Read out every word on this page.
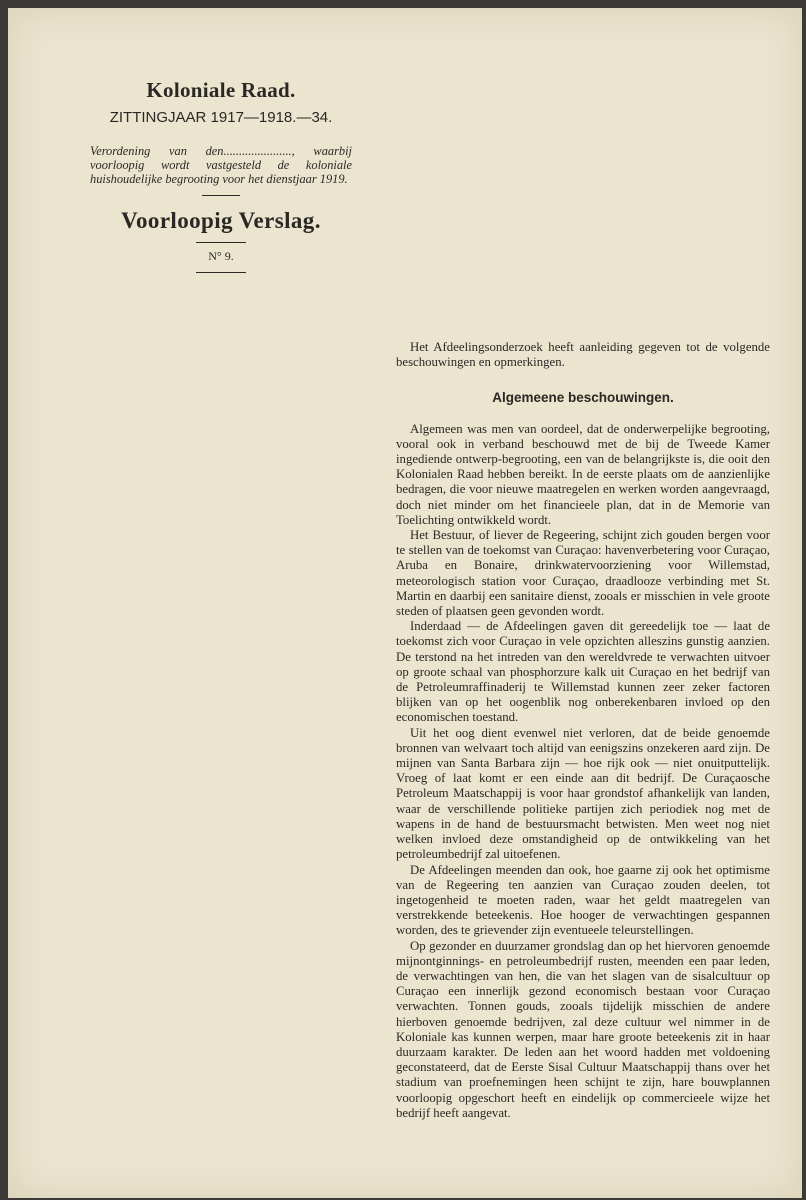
Koloniale Raad.
ZITTINGJAAR 1917—1918.—34.
Verordening van den......................, waarbij voorloopig wordt vastgesteld de koloniale huishoudelijke begrooting voor het dienstjaar 1919.
Voorloopig Verslag.
N° 9.

Het Afdeelingsonderzoek heeft aanleiding gegeven tot de volgende beschouwingen en opmerkingen.

Algemeene beschouwingen.

Algemeen was men van oordeel, dat de onderwerpelijke begrooting, vooral ook in verband beschouwd met de bij de Tweede Kamer ingediende ontwerp-begrooting, een van de belangrijkste is, die ooit den Kolonialen Raad hebben bereikt. In de eerste plaats om de aanzienlijke bedragen, die voor nieuwe maatregelen en werken worden aangevraagd, doch niet minder om het financieele plan, dat in de Memorie van Toelichting ontwikkeld wordt.

Het Bestuur, of liever de Regeering, schijnt zich gouden bergen voor te stellen van de toekomst van Curaçao: havenverbetering voor Curaçao, Aruba en Bonaire, drinkwatervoorziening voor Willemstad, meteorologisch station voor Curaçao, draadlooze verbinding met St. Martin en daarbij een sanitaire dienst, zooals er misschien in vele groote steden of plaatsen geen gevonden wordt.

Inderdaad — de Afdeelingen gaven dit gereedelijk toe — laat de toekomst zich voor Curaçao in vele opzichten alleszins gunstig aanzien. De terstond na het intreden van den wereldvrede te verwachten uitvoer op groote schaal van phosphorzure kalk uit Curaçao en het bedrijf van de Petroleumraffinaderij te Willemstad kunnen zeer zeker factoren blijken van op het oogenblik nog onberekenbaren invloed op den economischen toestand.

Uit het oog dient evenwel niet verloren, dat de beide genoemde bronnen van welvaart toch altijd van eenigszins onzekeren aard zijn. De mijnen van Santa Barbara zijn — hoe rijk ook — niet onuitputtelijk. Vroeg of laat komt er een einde aan dit bedrijf. De Curaçaosche Petroleum Maatschappij is voor haar grondstof afhankelijk van landen, waar de verschillende politieke partijen zich periodiek nog met de wapens in de hand de bestuursmacht betwisten. Men weet nog niet welken invloed deze omstandigheid op de ontwikkeling van het petroleumbedrijf zal uitoefenen.

De Afdeelingen meenden dan ook, hoe gaarne zij ook het optimisme van de Regeering ten aanzien van Curaçao zouden deelen, tot ingetogenheid te moeten raden, waar het geldt maatregelen van verstrekkende beteekenis. Hoe hooger de verwachtingen gespannen worden, des te grievender zijn eventueele teleurstellingen.

Op gezonder en duurzamer grondslag dan op het hiervoren genoemde mijnontginnings- en petroleumbedrijf rusten, meenden een paar leden, de verwachtingen van hen, die van het slagen van de sisalcultuur op Curaçao een innerlijk gezond economisch bestaan voor Curaçao verwachten. Tonnen gouds, zooals tijdelijk misschien de andere hierboven genoemde bedrijven, zal deze cultuur wel nimmer in de Koloniale kas kunnen werpen, maar hare groote beteekenis zit in haar duurzaam karakter. De leden aan het woord hadden met voldoening geconstateerd, dat de Eerste Sisal Cultuur Maatschappij thans over het stadium van proefnemingen heen schijnt te zijn, hare bouwplannen voorloopig opgeschort heeft en eindelijk op commercieele wijze het bedrijf heeft aangevat.
